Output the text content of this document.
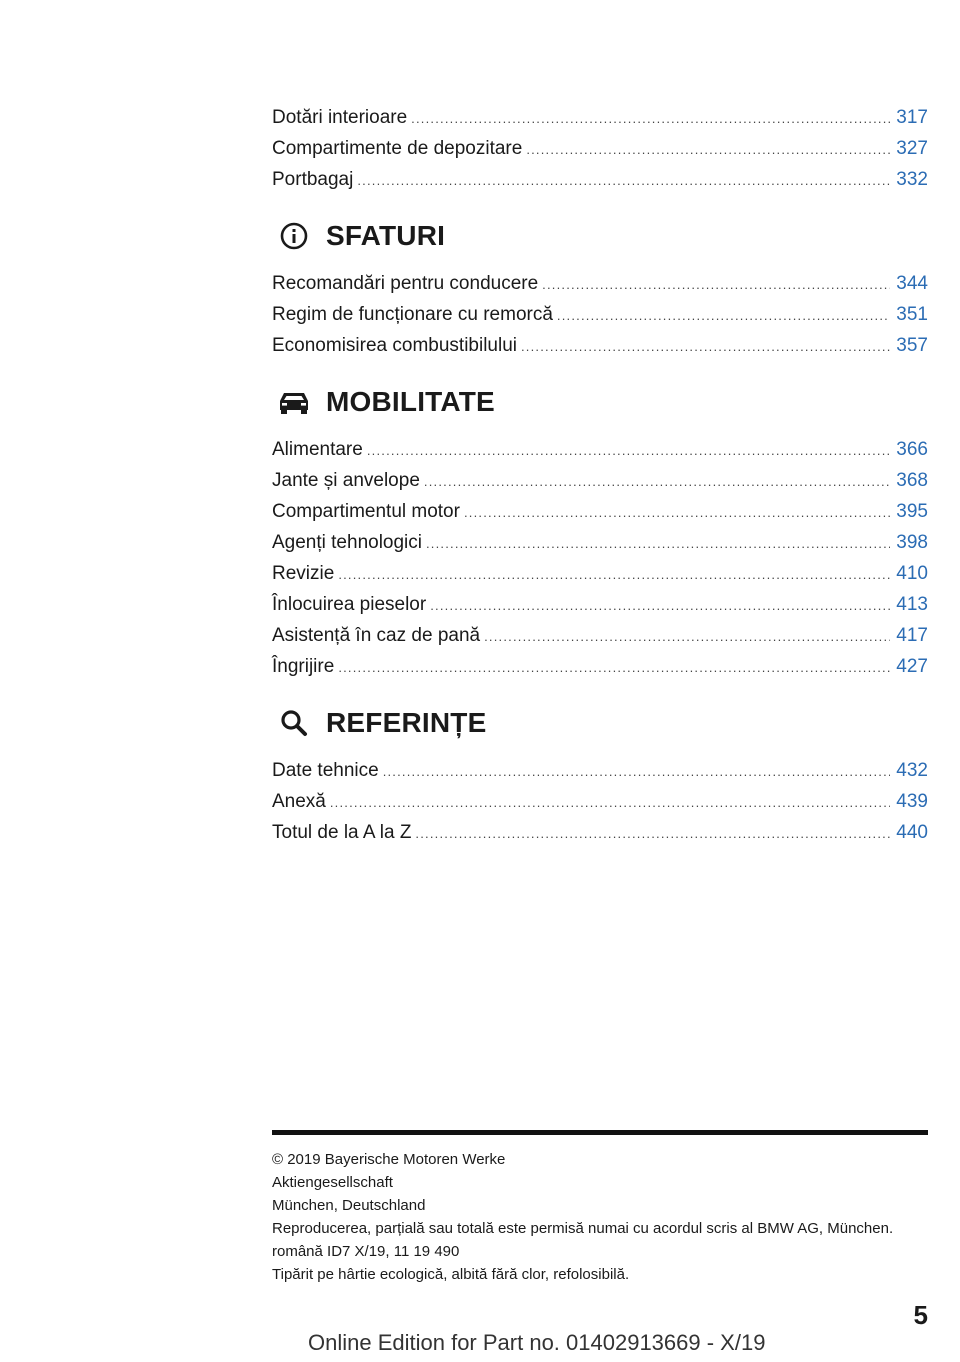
Dotări interioare .....	317
Compartimente de depozitare .....	327
Portbagaj .....	332
SFATURI
Recomandări pentru conducere .....	344
Regim de funcționare cu remorcă .....	351
Economisirea combustibilului .....	357
MOBILITATE
Alimentare .....	366
Jante și anvelope .....	368
Compartimentul motor .....	395
Agenți tehnologici .....	398
Revizie .....	410
Înlocuirea pieselor .....	413
Asistență în caz de pană .....	417
Îngrijire .....	427
REFERINȚE
Date tehnice .....	432
Anexă .....	439
Totul de la A la Z .....	440
© 2019 Bayerische Motoren Werke
Aktiengesellschaft
München, Deutschland
Reproducerea, parțială sau totală este permisă numai cu acordul scris al BMW AG, München.
română ID7 X/19, 11 19 490
Tipărit pe hârtie ecologică, albită fără clor, refolosibilă.
5
Online Edition for Part no. 01402913669 - X/19
